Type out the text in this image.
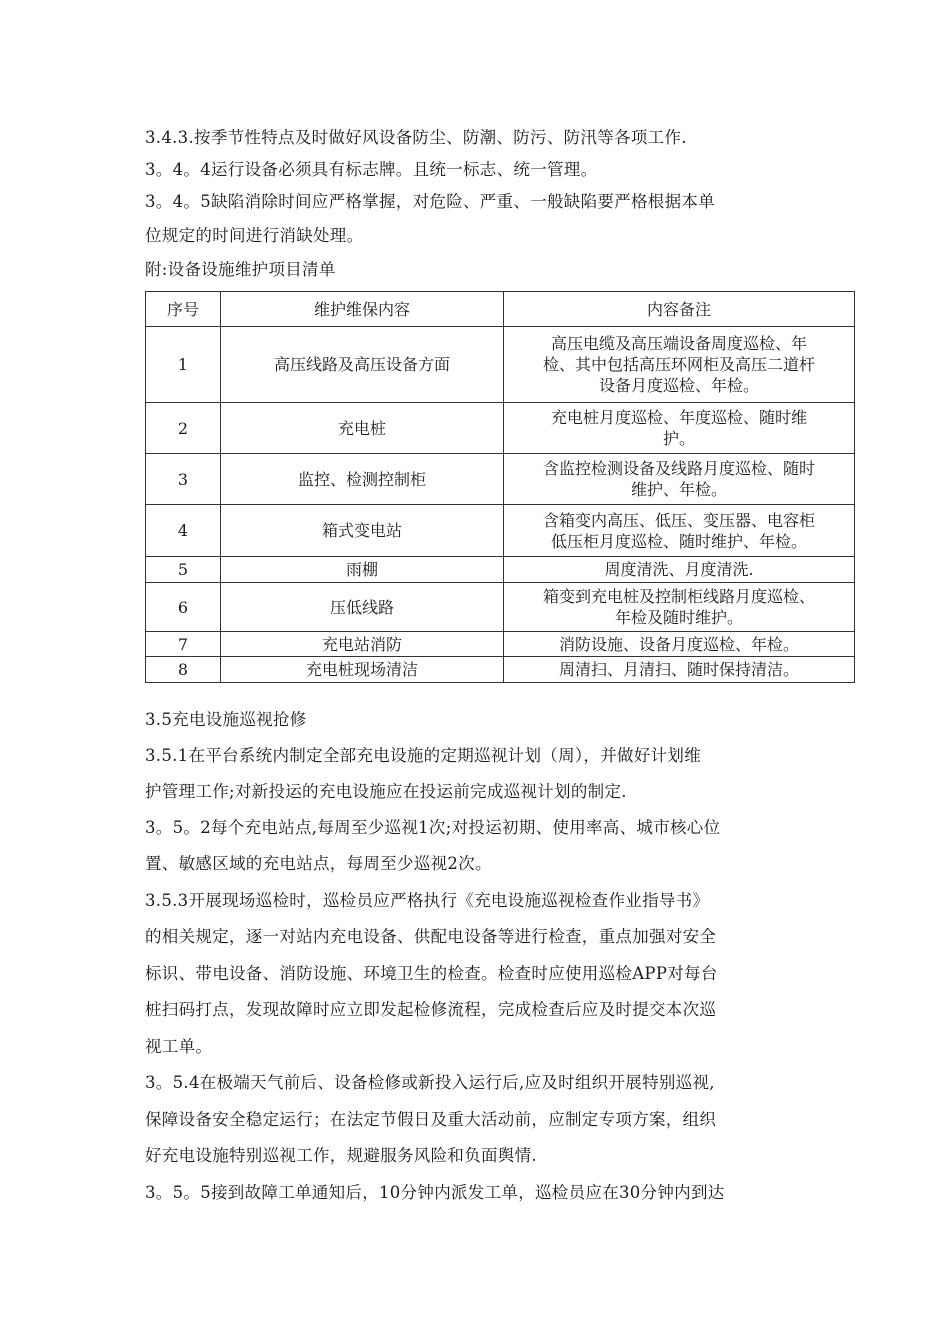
3.4.3.按季节性特点及时做好风设备防尘、防潮、防污、防汛等各项工作.
3。4。4运行设备必须具有标志牌。且统一标志、统一管理。
3。4。5缺陷消除时间应严格掌握，对危险、严重、一般缺陷要严格根据本单
位规定的时间进行消缺处理。
附:设备设施维护项目清单
序号	维护维保内容	内容备注
1	高压线路及高压设备方面	高压电缆及高压端设备周度巡检、年
检、其中包括高压环网柜及高压二道杆
设备月度巡检、年检。

2	充电桩	充电桩月度巡检、年度巡检、随时维
护。

3	监控、检测控制柜	含监控检测设备及线路月度巡检、随时
维护、年检。

4	箱式变电站	含箱变内高压、低压、变压器、电容柜
低压柜月度巡检、随时维护、年检。

5	雨棚	周度清洗、月度清洗.

6	压低线路	箱变到充电桩及控制柜线路月度巡检、
年检及随时维护。

7	充电站消防	消防设施、设备月度巡检、年检。

8	充电桩现场清洁	周清扫、月清扫、随时保持清洁。
3.5充电设施巡视抢修
3.5.1在平台系统内制定全部充电设施的定期巡视计划（周），并做好计划维
护管理工作;对新投运的充电设施应在投运前完成巡视计划的制定.
3。5。2每个充电站点,每周至少巡视1次;对投运初期、使用率高、城市核心位
置、敏感区域的充电站点，每周至少巡视2次。
3.5.3开展现场巡检时，巡检员应严格执行《充电设施巡视检查作业指导书》
的相关规定，逐一对站内充电设备、供配电设备等进行检查，重点加强对安全
标识、带电设备、消防设施、环境卫生的检查。检查时应使用巡检APP对每台
桩扫码打点，发现故障时应立即发起检修流程，完成检查后应及时提交本次巡
视工单。
3。5.4在极端天气前后、设备检修或新投入运行后,应及时组织开展特别巡视,
保障设备安全稳定运行；在法定节假日及重大活动前，应制定专项方案，组织
好充电设施特别巡视工作，规避服务风险和负面舆情.
3。5。5接到故障工单通知后，10分钟内派发工单，巡检员应在30分钟内到达
